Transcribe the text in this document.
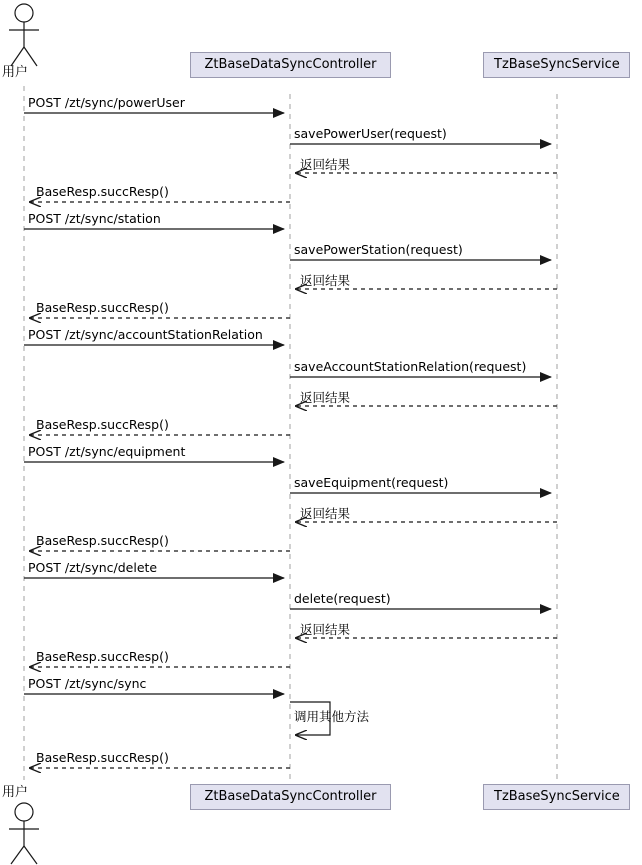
用户
用户
ZtBaseDataSyncController	TzBaseSyncService
ZtBaseDataSyncController	TzBaseSyncService
POST /zt/sync/powerUser
savePowerUser(request)
返回结果
BaseResp.succResp()
POST /zt/sync/station
savePowerStation(request)
返回结果
BaseResp.succResp()
POST /zt/sync/accountStationRelation
saveAccountStationRelation(request)
返回结果
BaseResp.succResp()
POST /zt/sync/equipment
saveEquipment(request)
返回结果
BaseResp.succResp()
POST /zt/sync/delete
delete(request)
返回结果
BaseResp.succResp()
POST /zt/sync/sync
调用其他方法
BaseResp.succResp()
